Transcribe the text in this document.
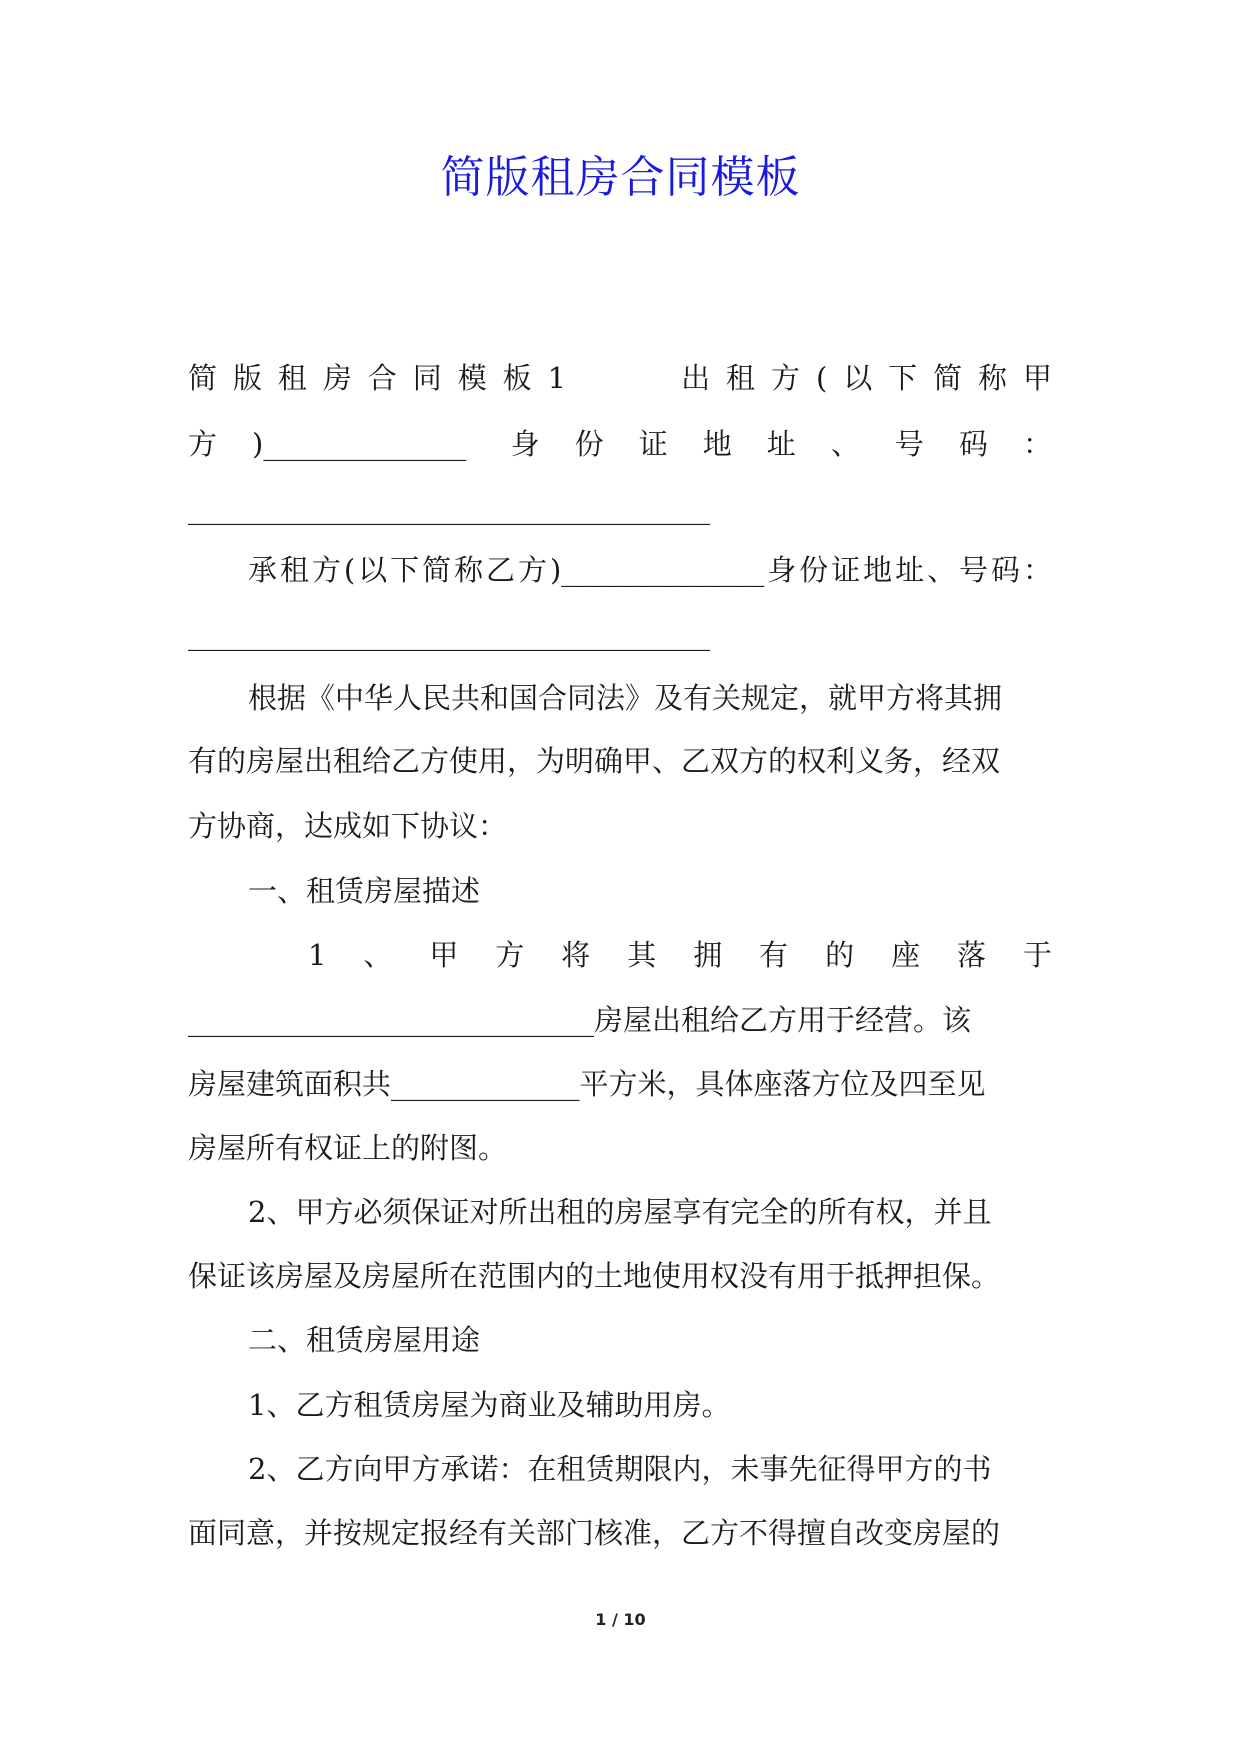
简版租房合同模板
简版租房合同模板1 　　出租方(以下简称甲
方)______________ 身份证地址、号码：
____________________________________
承租方(以下简称乙方)______________身份证地址、号码：
____________________________________
根据《中华人民共和国合同法》及有关规定，就甲方将其拥
有的房屋出租给乙方使用，为明确甲、乙双方的权利义务，经双
方协商，达成如下协议：
一、租赁房屋描述
1、甲方将其拥有的座落于
____________________________房屋出租给乙方用于经营。该
房屋建筑面积共_____________平方米，具体座落方位及四至见
房屋所有权证上的附图。
2、甲方必须保证对所出租的房屋享有完全的所有权，并且
保证该房屋及房屋所在范围内的土地使用权没有用于抵押担保。
二、租赁房屋用途
1、乙方租赁房屋为商业及辅助用房。
2、乙方向甲方承诺：在租赁期限内，未事先征得甲方的书
面同意，并按规定报经有关部门核准，乙方不得擅自改变房屋的
1 / 10
